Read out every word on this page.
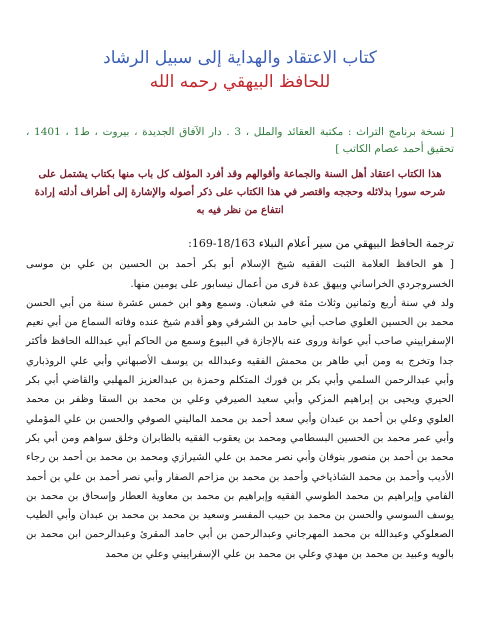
كتاب الاعتقاد والهداية إلى سبيل الرشاد
للحافظ البيهقي رحمه الله
[ نسخة برنامج التراث : مكتبة العقائد والملل ، 3 . دار الآفاق الجديدة ، بيروت ، ط1 ، 1401 ، تحقيق أحمد عصام الكاتب ]
هذا الكتاب اعتقاد أهل السنة والجماعة وأقوالهم وقد أفرد المؤلف كل باب منها بكتاب يشتمل على شرحه سورا بدلائله وحججه واقتصر في هذا الكتاب على ذكر أصوله والإشارة إلى أطراف أدلته إرادة انتفاع من نظر فيه به

ترجمة الحافظ البيهقي من سير أعلام النبلاء 18/163-169:

[ هو الحافظ العلامة الثبت الفقيه شيخ الإسلام أبو بكر أحمد بن الحسين بن علي بن موسى الخسروجردي الخراساني وبيهق عدة قرى من أعمال نيسابور على يومين منها.

ولد في سنة أربع وثمانين وثلاث مئة في شعبان. وسمع وهو ابن خمس عشرة سنة من أبي الحسن محمد بن الحسين العلوي صاحب أبي حامد بن الشرقي وهو أقدم شيخ عنده وفاته السماع من أبي نعيم الإسفراييني صاحب أبي عوانة وروى عنه بالإجازة في البيوع وسمع من الحاكم أبي عبدالله الحافظ فأكثر جدا وتخرج به ومن أبي طاهر بن محمش الفقيه وعبدالله بن يوسف الأصبهاني وأبي علي الروذباري وأبي عبدالرحمن السلمي وأبي بكر بن فورك المتكلم وحمزة بن عبدالعزيز المهلبي والقاضي أبي بكر الحيري ويحيى بن إبراهيم المزكي وأبي سعيد الصيرفي وعلي بن محمد بن السقا وظفر بن محمد العلوي وعلي بن أحمد بن عبدان وأبي سعد أحمد بن محمد الماليني الصوفي والحسن بن علي المؤملي وأبي عمر محمد بن الحسين البسطامي ومحمد بن يعقوب الفقيه بالطابران وخلق سواهم ومن أبي بكر محمد بن أحمد بن منصور بنوقان وأبي نصر محمد بن علي الشيرازي ومحمد بن محمد بن أحمد بن رجاء الأديب وأحمد بن محمد الشاذياخي وأحمد بن محمد بن مزاحم الصفار وأبي نصر أحمد بن علي بن أحمد الفامي وإبراهيم بن محمد الطوسي الفقيه وإبراهيم بن محمد بن معاوية العطار وإسحاق بن محمد بن يوسف السوسي والحسن بن محمد بن حبيب المفسر وسعيد بن محمد بن محمد بن عبدان وأبي الطيب الصعلوكي وعبدالله بن محمد المهرجاني وعبدالرحمن بن أبي حامد المقرئ وعبدالرحمن ابن محمد بن بالويه وعبيد بن محمد بن مهدي وعلي بن محمد بن علي الإسفراييني وعلي بن محمد
